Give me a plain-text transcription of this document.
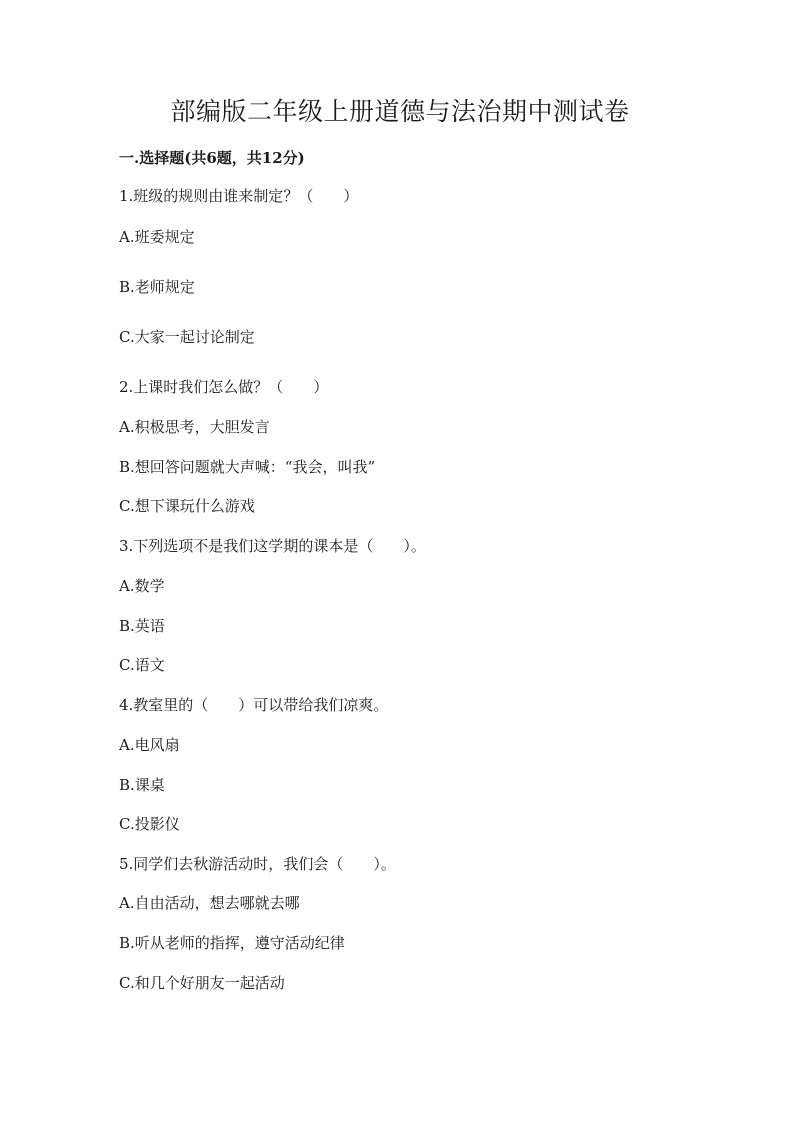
部编版二年级上册道德与法治期中测试卷
一.选择题(共6题，共12分)
1.班级的规则由谁来制定？（　　）
A.班委规定
B.老师规定
C.大家一起讨论制定
2.上课时我们怎么做？（　　）
A.积极思考，大胆发言
B.想回答问题就大声喊：“我会，叫我”
C.想下课玩什么游戏
3.下列选项不是我们这学期的课本是（　　）。
A.数学
B.英语
C.语文
4.教室里的（　　）可以带给我们凉爽。
A.电风扇
B.课桌
C.投影仪
5.同学们去秋游活动时，我们会（　　）。
A.自由活动，想去哪就去哪
B.听从老师的指挥，遵守活动纪律
C.和几个好朋友一起活动
